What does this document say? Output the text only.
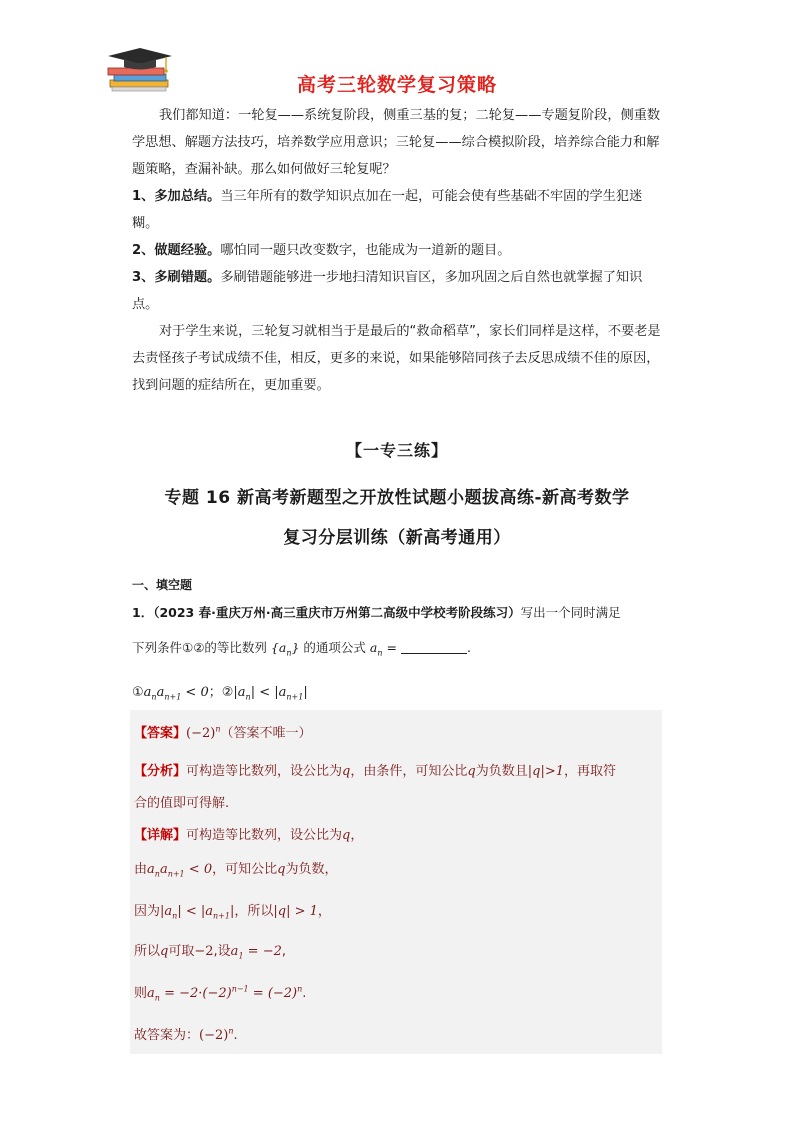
高考三轮数学复习策略

我们都知道：一轮复——系统复阶段，侧重三基的复；二轮复——专题复阶段，侧重数学思想、解题方法技巧，培养数学应用意识；三轮复——综合模拟阶段，培养综合能力和解题策略，查漏补缺。那么如何做好三轮复呢？

1、多加总结。当三年所有的数学知识点加在一起，可能会使有些基础不牢固的学生犯迷糊。

2、做题经验。哪怕同一题只改变数字，也能成为一道新的题目。

3、多刷错题。多刷错题能够进一步地扫清知识盲区，多加巩固之后自然也就掌握了知识点。

对于学生来说，三轮复习就相当于是最后的“救命稻草”，家长们同样是这样，不要老是去责怪孩子考试成绩不佳，相反，更多的来说，如果能够陪同孩子去反思成绩不佳的原因，找到问题的症结所在，更加重要。

【一专三练】
专题 16 新高考新题型之开放性试题小题拔高练-新高考数学
复习分层训练（新高考通用）
一、填空题
1．（2023 春·重庆万州·高三重庆市万州第二高级中学校考阶段练习）写出一个同时满足
下列条件①②的等比数列 $\{a_n\}$ 的通项公式 $a_n$ =	.
$①a_na_{n+1} < 0$；$②|a_n| < |a_{n+1}|$
【答案】$(-2)^n$（答案不唯一）
【分析】可构造等比数列，设公比为q，由条件，可知公比q为负数且|q|>1，再取符
合的值即可得解.
【详解】可构造等比数列，设公比为q，
由$a_na_{n+1} < 0$，可知公比q为负数，
因为$|a_n| < |a_{n+1}|$，所以|q| > 1，
所以q可取−2,设$a_1 = -2$,
则$a_n = -2\cdot(-2)^{n-1} = (-2)^n$.
故答案为：$(-2)^n$.
